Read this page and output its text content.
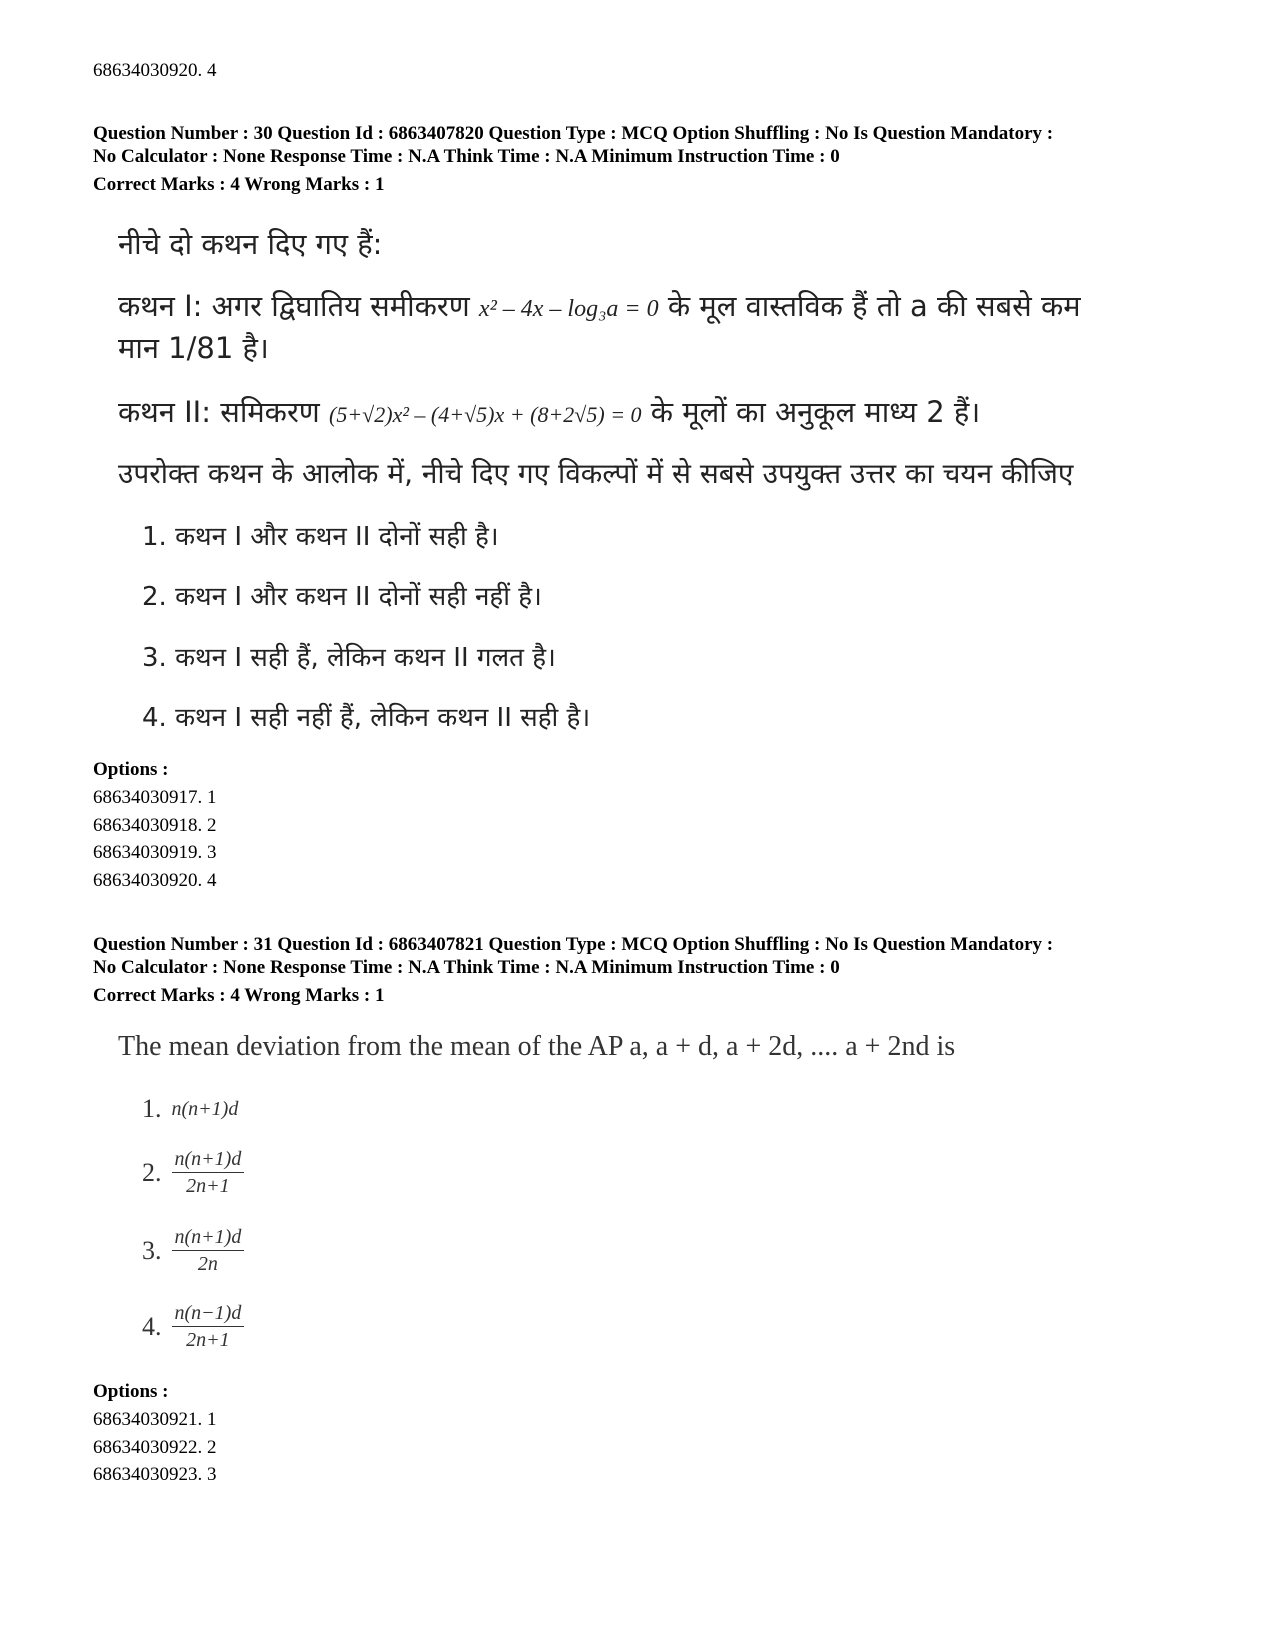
68634030920. 4
Question Number : 30 Question Id : 6863407820 Question Type : MCQ Option Shuffling : No Is Question Mandatory :
No Calculator : None Response Time : N.A Think Time : N.A Minimum Instruction Time : 0
Correct Marks : 4 Wrong Marks : 1
नीचे दो कथन दिए गए हैं:
कथन I: अगर द्विघातिय समीकरण x² – 4x – log₃a = 0 के मूल वास्तविक हैं तो a की सबसे कम
मान 1/81 है।
कथन II: समिकरण (5+√2)x² – (4+√5)x + (8+2√5) = 0 के मूलों का अनुकूल माध्य 2 हैं।
उपरोक्त कथन के आलोक में, नीचे दिए गए विकल्पों में से सबसे उपयुक्त उत्तर का चयन कीजिए
1. कथन I और कथन II दोनों सही है।
2. कथन I और कथन II दोनों सही नहीं है।
3. कथन I सही हैं, लेकिन कथन II गलत है।
4. कथन I सही नहीं हैं, लेकिन कथन II सही है।
Options :
68634030917. 1
68634030918. 2
68634030919. 3
68634030920. 4
Question Number : 31 Question Id : 6863407821 Question Type : MCQ Option Shuffling : No Is Question Mandatory :
No Calculator : None Response Time : N.A Think Time : N.A Minimum Instruction Time : 0
Correct Marks : 4 Wrong Marks : 1
The mean deviation from the mean of the AP a, a + d, a + 2d, .... a + 2nd is
1. n(n+1)d
2. $\frac{n(n+1)d}{2n+1}$
3. $\frac{n(n+1)d}{2n}$
4. $\frac{n(n-1)d}{2n+1}$
Options :
68634030921. 1
68634030922. 2
68634030923. 3
